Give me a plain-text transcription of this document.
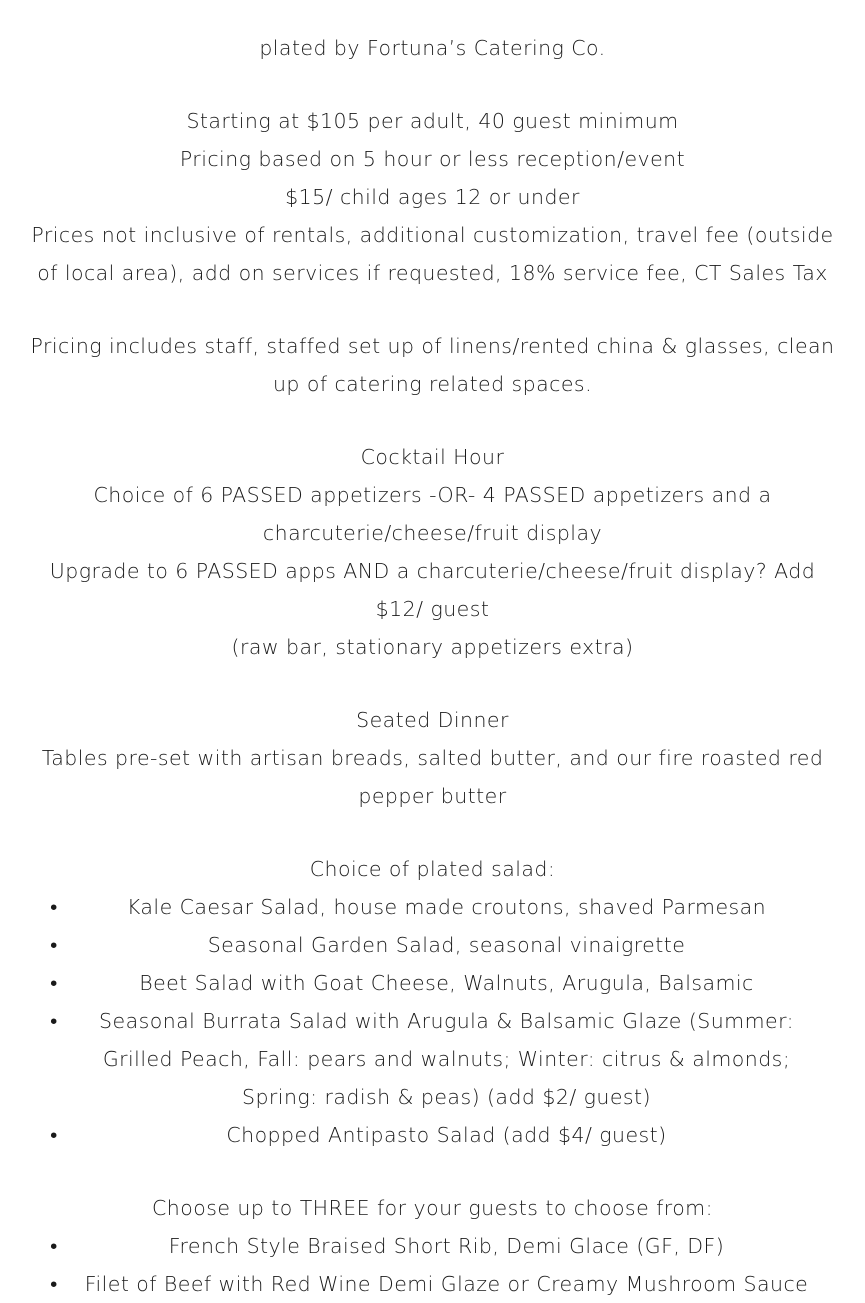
plated by Fortuna’s Catering Co.
Starting at $105 per adult, 40 guest minimum
Pricing based on 5 hour or less reception/event
$15/ child ages 12 or under
Prices not inclusive of rentals, additional customization, travel fee (outside
of local area), add on services if requested, 18% service fee, CT Sales Tax
Pricing includes staff, staffed set up of linens/rented china & glasses, clean
up of catering related spaces.
Cocktail Hour
Choice of 6 PASSED appetizers -OR- 4 PASSED appetizers and a
charcuterie/cheese/fruit display
Upgrade to 6 PASSED apps AND a charcuterie/cheese/fruit display? Add
$12/ guest
(raw bar, stationary appetizers extra)
Seated Dinner
Tables pre-set with artisan breads, salted butter, and our fire roasted red
pepper butter
Choice of plated salad:
•	Kale Caesar Salad, house made croutons, shaved Parmesan
•	Seasonal Garden Salad, seasonal vinaigrette
•	Beet Salad with Goat Cheese, Walnuts, Arugula, Balsamic
•	Seasonal Burrata Salad with Arugula & Balsamic Glaze (Summer:
Grilled Peach, Fall: pears and walnuts; Winter: citrus & almonds;
Spring: radish & peas) (add $2/ guest)
•	Chopped Antipasto Salad (add $4/ guest)
Choose up to THREE for your guests to choose from:
•	French Style Braised Short Rib, Demi Glace (GF, DF)
•	Filet of Beef with Red Wine Demi Glaze or Creamy Mushroom Sauce
